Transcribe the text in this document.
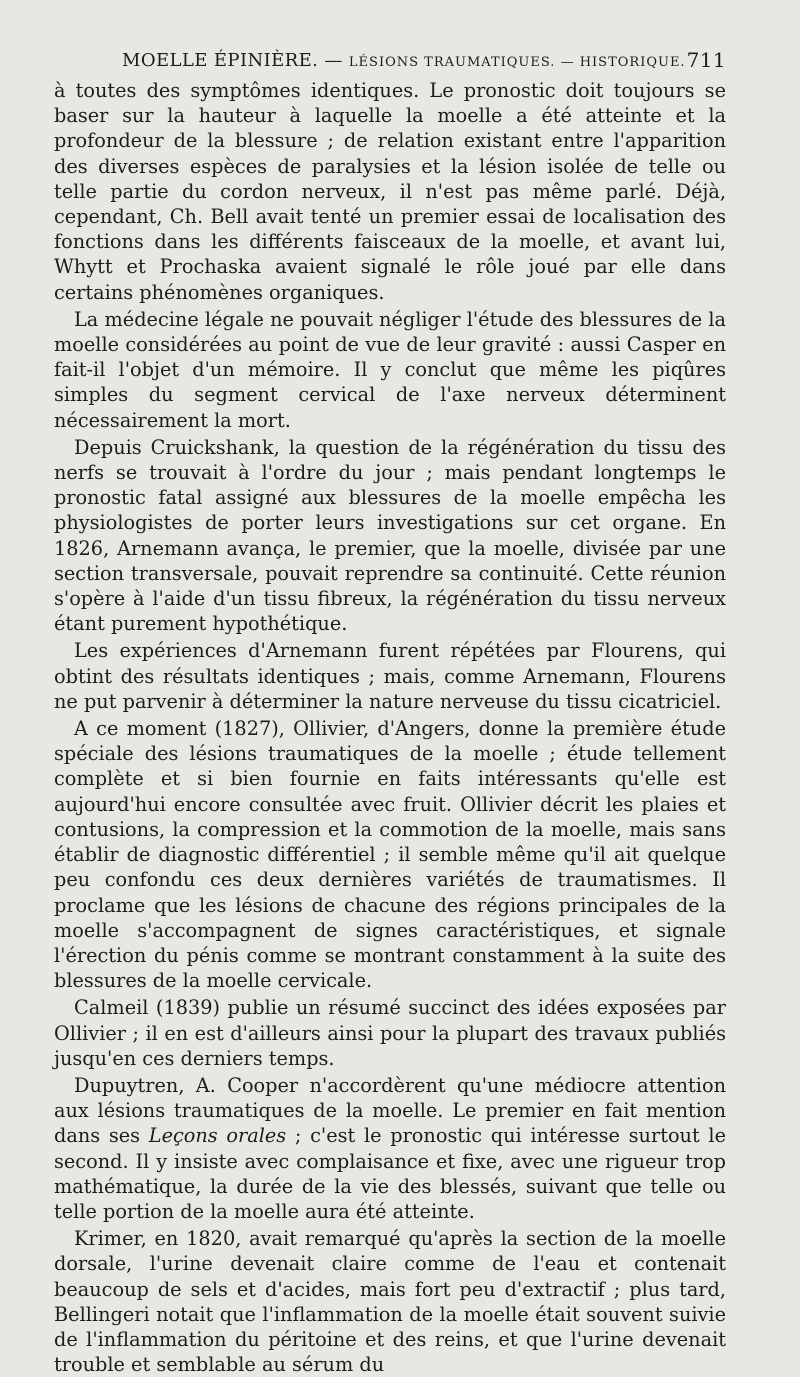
MOELLE ÉPINIÈRE. — LÉSIONS TRAUMATIQUES. — HISTORIQUE. 711

à toutes des symptômes identiques. Le pronostic doit toujours se baser sur la hauteur à laquelle la moelle a été atteinte et la profondeur de la blessure ; de relation existant entre l'apparition des diverses espèces de paralysies et la lésion isolée de telle ou telle partie du cordon nerveux, il n'est pas même parlé. Déjà, cependant, Ch. Bell avait tenté un premier essai de localisation des fonctions dans les différents faisceaux de la moelle, et avant lui, Whytt et Prochaska avaient signalé le rôle joué par elle dans certains phénomènes organiques.

La médecine légale ne pouvait négliger l'étude des blessures de la moelle considérées au point de vue de leur gravité : aussi Casper en fait-il l'objet d'un mémoire. Il y conclut que même les piqûres simples du segment cervical de l'axe nerveux déterminent nécessairement la mort.

Depuis Cruickshank, la question de la régénération du tissu des nerfs se trouvait à l'ordre du jour ; mais pendant longtemps le pronostic fatal assigné aux blessures de la moelle empêcha les physiologistes de porter leurs investigations sur cet organe. En 1826, Arnemann avança, le premier, que la moelle, divisée par une section transversale, pouvait reprendre sa continuité. Cette réunion s'opère à l'aide d'un tissu fibreux, la régénération du tissu nerveux étant purement hypothétique.

Les expériences d'Arnemann furent répétées par Flourens, qui obtint des résultats identiques ; mais, comme Arnemann, Flourens ne put parvenir à déterminer la nature nerveuse du tissu cicatriciel.

A ce moment (1827), Ollivier, d'Angers, donne la première étude spéciale des lésions traumatiques de la moelle ; étude tellement complète et si bien fournie en faits intéressants qu'elle est aujourd'hui encore consultée avec fruit. Ollivier décrit les plaies et contusions, la compression et la commotion de la moelle, mais sans établir de diagnostic différentiel ; il semble même qu'il ait quelque peu confondu ces deux dernières variétés de traumatismes. Il proclame que les lésions de chacune des régions principales de la moelle s'accompagnent de signes caractéristiques, et signale l'érection du pénis comme se montrant constamment à la suite des blessures de la moelle cervicale.

Calmeil (1839) publie un résumé succinct des idées exposées par Ollivier ; il en est d'ailleurs ainsi pour la plupart des travaux publiés jusqu'en ces derniers temps.

Dupuytren, A. Cooper n'accordèrent qu'une médiocre attention aux lésions traumatiques de la moelle. Le premier en fait mention dans ses Leçons orales ; c'est le pronostic qui intéresse surtout le second. Il y insiste avec complaisance et fixe, avec une rigueur trop mathématique, la durée de la vie des blessés, suivant que telle ou telle portion de la moelle aura été atteinte.

Krimer, en 1820, avait remarqué qu'après la section de la moelle dorsale, l'urine devenait claire comme de l'eau et contenait beaucoup de sels et d'acides, mais fort peu d'extractif ; plus tard, Bellingeri notait que l'inflammation de la moelle était souvent suivie de l'inflammation du péritoine et des reins, et que l'urine devenait trouble et semblable au sérum du
